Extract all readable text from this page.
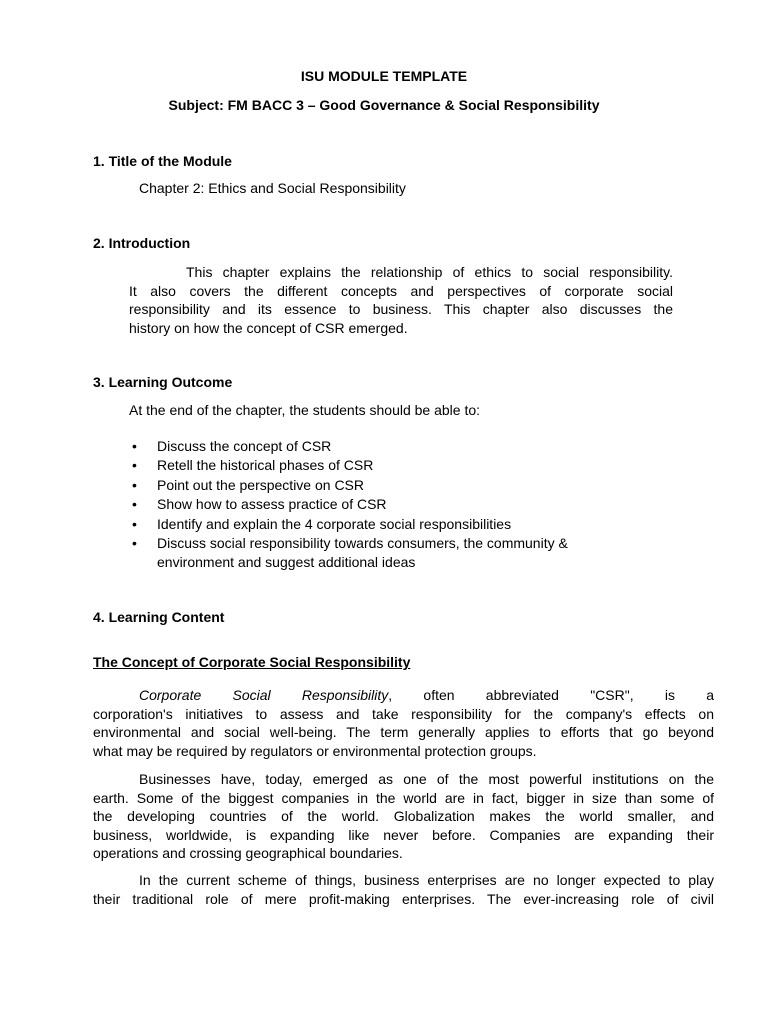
ISU MODULE TEMPLATE
Subject: FM BACC 3 – Good Governance & Social Responsibility
1. Title of the Module
Chapter 2: Ethics and Social Responsibility
2. Introduction
This chapter explains the relationship of ethics to social responsibility.
It also covers the different concepts and perspectives of corporate social
responsibility and its essence to business. This chapter also discusses the
history on how the concept of CSR emerged.
3. Learning Outcome
At the end of the chapter, the students should be able to:
• Discuss the concept of CSR
• Retell the historical phases of CSR
• Point out the perspective on CSR
• Show how to assess practice of CSR
• Identify and explain the 4 corporate social responsibilities
• Discuss social responsibility towards consumers, the community &
environment and suggest additional ideas
4. Learning Content
The Concept of Corporate Social Responsibility
Corporate Social Responsibility, often abbreviated "CSR", is a
corporation's initiatives to assess and take responsibility for the company's effects on
environmental and social well-being. The term generally applies to efforts that go beyond
what may be required by regulators or environmental protection groups.
Businesses have, today, emerged as one of the most powerful institutions on the
earth. Some of the biggest companies in the world are in fact, bigger in size than some of
the developing countries of the world. Globalization makes the world smaller, and
business, worldwide, is expanding like never before. Companies are expanding their
operations and crossing geographical boundaries.
In the current scheme of things, business enterprises are no longer expected to play
their traditional role of mere profit-making enterprises. The ever-increasing role of civil
